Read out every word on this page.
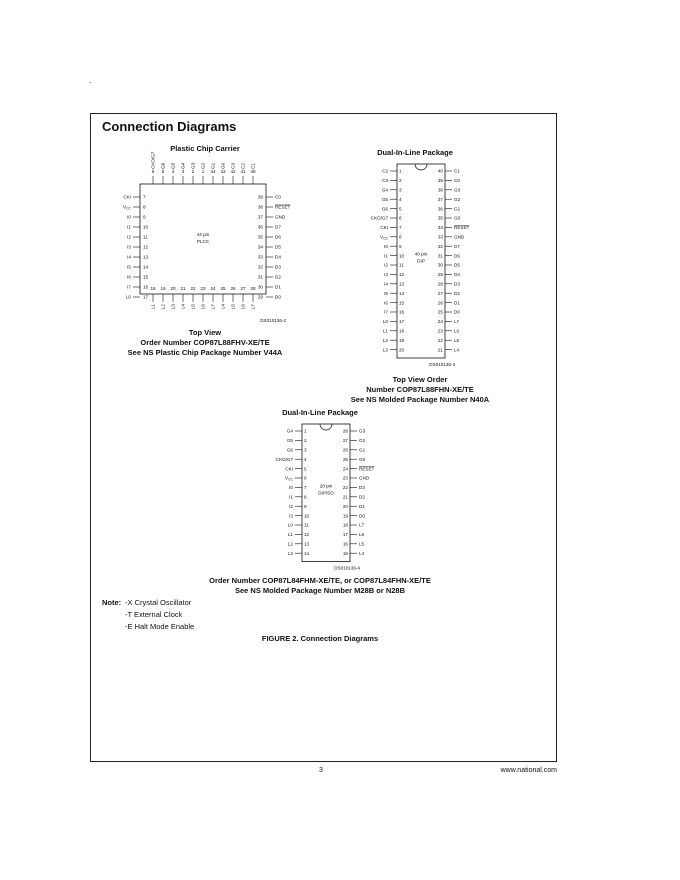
.
Connection Diagrams
Plastic Chip Carrier
6
CKO/G7
5
G6
4
G5
3
G4
2
G3
1
G2
44
G1
43
G0
42
C3
41
C2
40
C1
7
CKI
8
$V_{CC}$
9
I0
10
I1
11
I2
12
I3
13
I4
14
I5
15
I6
16
I7
17
L0
39	C0
38	RESET
37	GND
36	D7
35	D6
34	D5
33	D4
32	D3
31	D2
30	D1
29	D0
18
L1
19
L2
20
L3
21
L4
22
L5
23
L6
24
L7
25
L4
26
L5
27
L6
28
L7
44 pin
PLCC
DS010136-2
Top View
Order Number COP87L88FHV-XE/TE
See NS Plastic Chip Package Number V44A
Dual-In-Line Package
1
C2
2
C3
3
G4
4
G5
5
G6
6
CKO/G7
7
CKI
8
$V_{CC}$
9
I0
10
I1
11
I2
12
I3
13
I4
14
I5
15
I6
16
I7
17
L0
18
L1
19
L2
20
L3
40 C1
39 C0
38 G3
37 G2
36 G1
35 G0
34 RESET
33 GND
32 D7
31 D6
30 D5
29 D4
28 D3
27 D2
26 D1
25 D0
24 L7
23 L6
22 L5
21 L4
40 pin
DIP
DS010136-3
Top View Order
Number COP87L88FHN-XE/TE
See NS Molded Package Number N40A
Dual-In-Line Package
1
G4
2
G5
3
G6
4
CKO/G7
5
CKI
6
$V_{CC}$
7
I0
8
I1
9
I2
10
I3
11
L0
12
L1
13
L2
14
L3
28 G3
27 G2
26 G1
25 G0
24 RESET
23 GND
22 D3
21 D2
20 D1
19 D0
18 L7
17 L6
16 L5
15 L4
28 pin
DIP/SO
DS010136-4
Order Number COP87L84FHM-XE/TE, or COP87L84FHN-XE/TE
See NS Molded Package Number M28B or N28B
Note: -X Crystal Oscillator
-T External Clock
-E Halt Mode Enable
FIGURE 2. Connection Diagrams
3	www.national.com
